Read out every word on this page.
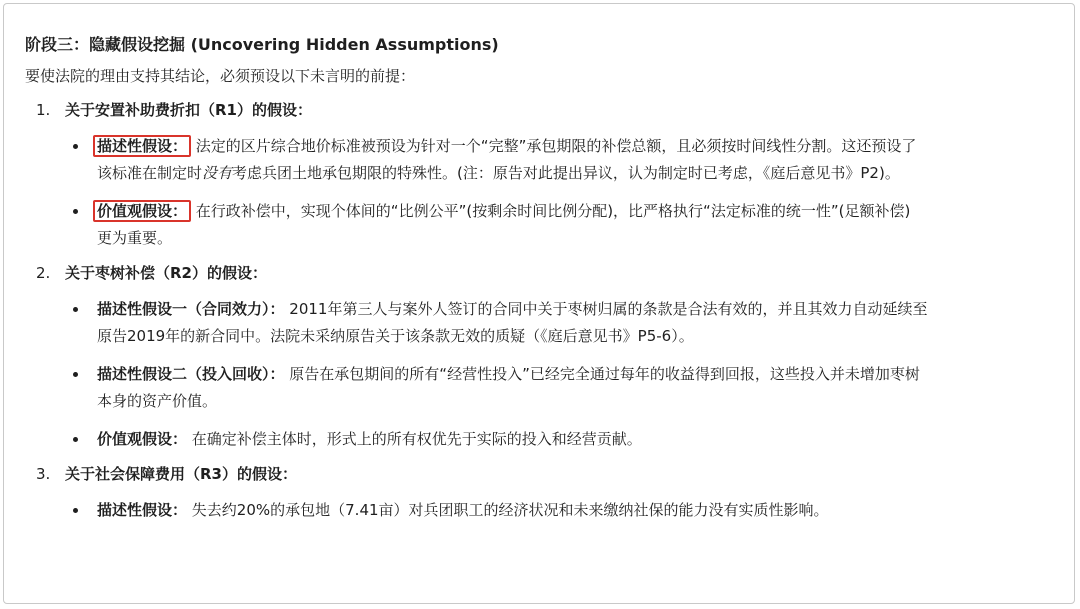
阶段三：隐藏假设挖掘 (Uncovering Hidden Assumptions)

要使法院的理由支持其结论，必须预设以下未言明的前提：

1. 关于安置补助费折扣（R1）的假设：
描述性假设： 法定的区片综合地价标准被预设为针对一个“完整”承包期限的补偿总额，且必须按时间线性分割。这还预设了
该标准在制定时没有考虑兵团土地承包期限的特殊性。(注：原告对此提出异议，认为制定时已考虑，《庭后意见书》P2)。
价值观假设： 在行政补偿中，实现个体间的“比例公平”(按剩余时间比例分配)，比严格执行“法定标准的统一性”(足额补偿)
更为重要。
2. 关于枣树补偿（R2）的假设：
描述性假设一（合同效力）： 2011年第三人与案外人签订的合同中关于枣树归属的条款是合法有效的，并且其效力自动延续至
原告2019年的新合同中。法院未采纳原告关于该条款无效的质疑（《庭后意见书》P5-6）。
描述性假设二（投入回收）： 原告在承包期间的所有“经营性投入”已经完全通过每年的收益得到回报，这些投入并未增加枣树
本身的资产价值。
价值观假设： 在确定补偿主体时，形式上的所有权优先于实际的投入和经营贡献。
3. 关于社会保障费用（R3）的假设：
描述性假设： 失去约20%的承包地（7.41亩）对兵团职工的经济状况和未来缴纳社保的能力没有实质性影响。
